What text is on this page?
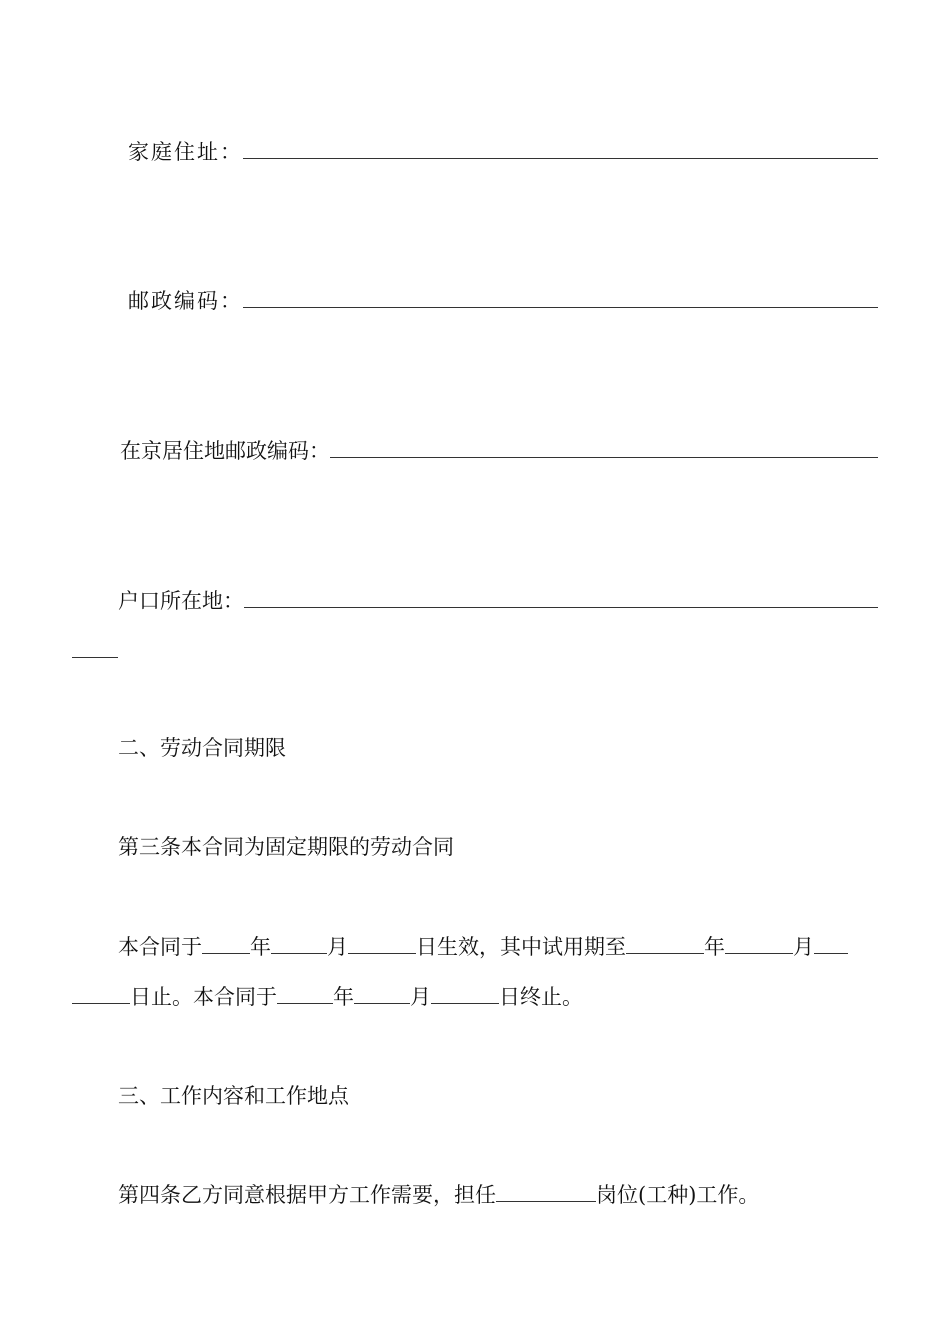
家庭住址：
邮政编码：
在京居住地邮政编码：
户口所在地：
二、劳动合同期限
第三条本合同为固定期限的劳动合同
本合同于 年	月	日生效，其中试用期至	年	月
日止。本合同于	年	月	日终止。
三、工作内容和工作地点
第四条乙方同意根据甲方工作需要，担任	岗位(工种)工作。
